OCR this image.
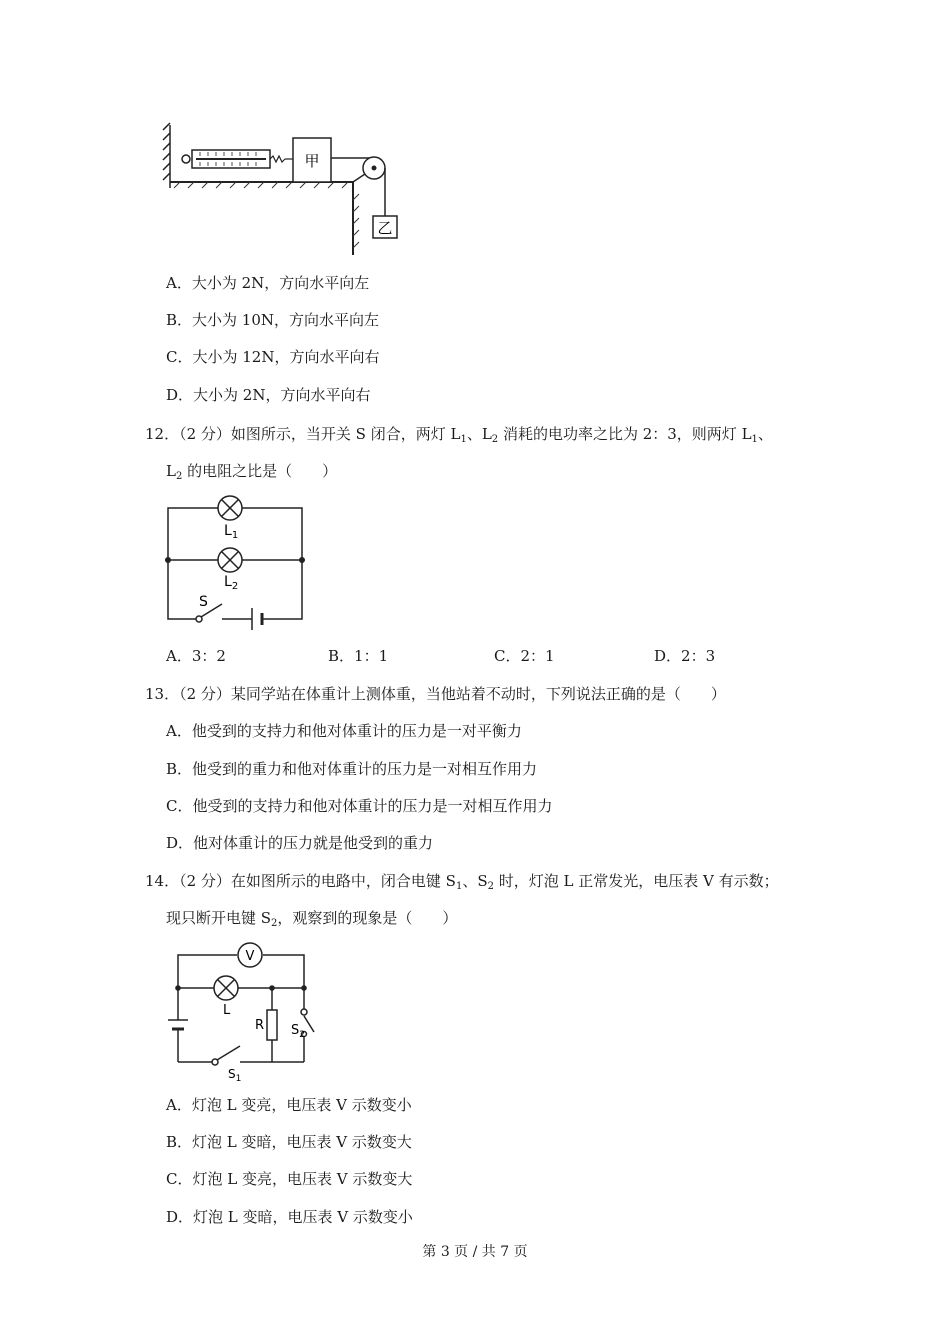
甲
乙
A．大小为 2N，方向水平向左
B．大小为 10N，方向水平向左
C．大小为 12N，方向水平向右
D．大小为 2N，方向水平向右
12．（2 分）如图所示，当开关 S 闭合，两灯 $L_1$、$L_2$ 消耗的电功率之比为 2：3，则两灯 $L_1$、
$L_2$ 的电阻之比是（　　）
$L_1$
$L_2$
S
A．3：2	B．1：1	C．2：1	D．2：3
13．（2 分）某同学站在体重计上测体重，当他站着不动时，下列说法正确的是（　　）
A．他受到的支持力和他对体重计的压力是一对平衡力
B．他受到的重力和他对体重计的压力是一对相互作用力
C．他受到的支持力和他对体重计的压力是一对相互作用力
D．他对体重计的压力就是他受到的重力
14．（2 分）在如图所示的电路中，闭合电键 $S_1$、$S_2$ 时，灯泡 L 正常发光，电压表 V 有示数；
现只断开电键 $S_2$，观察到的现象是（　　）
V
L
R $S_2$
$S_1$
A．灯泡 L 变亮，电压表 V 示数变小
B．灯泡 L 变暗，电压表 V 示数变大
C．灯泡 L 变亮，电压表 V 示数变大
D．灯泡 L 变暗，电压表 V 示数变小
第 3 页 / 共 7 页
